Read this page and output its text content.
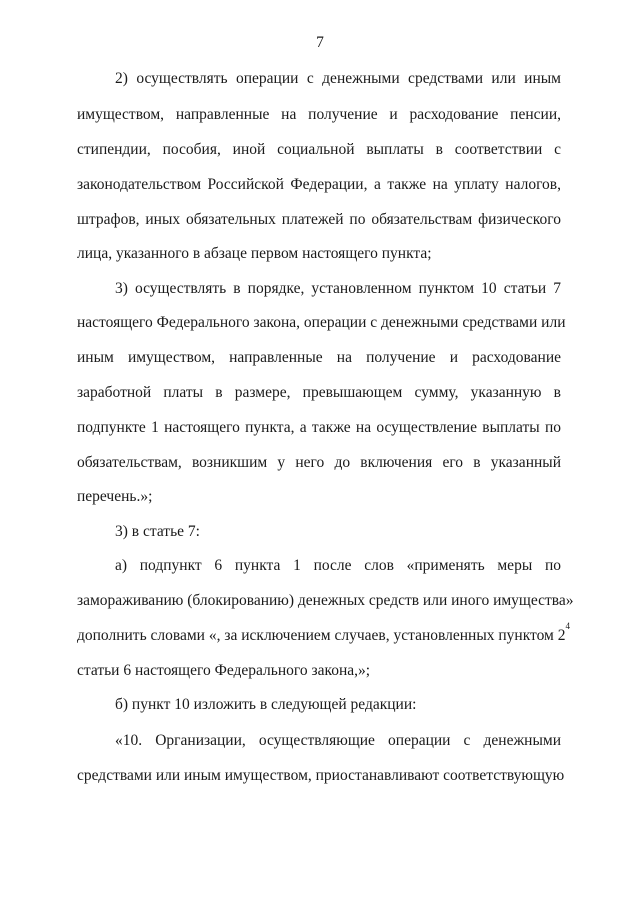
7
2) осуществлять операции с денежными средствами или иным
имуществом, направленные на получение и расходование пенсии,
стипендии, пособия, иной социальной выплаты в соответствии с
законодательством Российской Федерации, а также на уплату налогов,
штрафов, иных обязательных платежей по обязательствам физического
лица, указанного в абзаце первом настоящего пункта;
3) осуществлять в порядке, установленном пунктом 10 статьи 7
настоящего Федерального закона, операции с денежными средствами или
иным имуществом, направленные на получение и расходование
заработной платы в размере, превышающем сумму, указанную в
подпункте 1 настоящего пункта, а также на осуществление выплаты по
обязательствам, возникшим у него до включения его в указанный
перечень.»;
3) в статье 7:
а) подпункт 6 пункта 1 после слов «применять меры по
замораживанию (блокированию) денежных средств или иного имущества»
дополнить словами «, за исключением случаев, установленных пунктом 2
4
статьи 6 настоящего Федерального закона,»;
б) пункт 10 изложить в следующей редакции:
«10. Организации, осуществляющие операции с денежными
средствами или иным имуществом, приостанавливают соответствующую
